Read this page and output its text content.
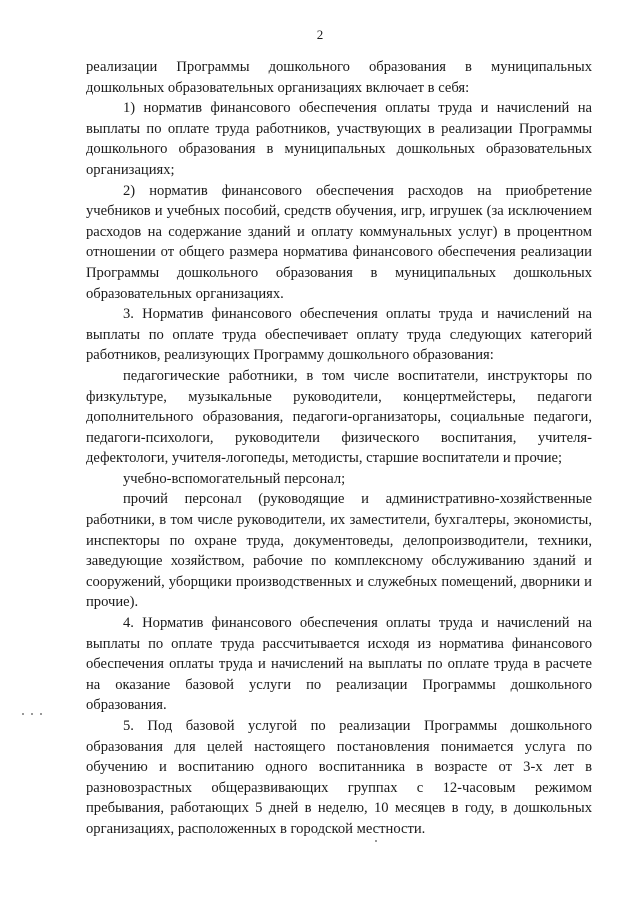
2

реализации Программы дошкольного образования в муниципальных дошкольных образовательных организациях включает в себя:

1) норматив финансового обеспечения оплаты труда и начислений на выплаты по оплате труда работников, участвующих в реализации Программы дошкольного образования в муниципальных дошкольных образовательных организациях;

2) норматив финансового обеспечения расходов на приобретение учебников и учебных пособий, средств обучения, игр, игрушек (за исключением расходов на содержание зданий и оплату коммунальных услуг) в процентном отношении от общего размера норматива финансового обеспечения реализации Программы дошкольного образования в муниципальных дошкольных образовательных организациях.

3. Норматив финансового обеспечения оплаты труда и начислений на выплаты по оплате труда обеспечивает оплату труда следующих категорий работников, реализующих Программу дошкольного образования:

педагогические работники, в том числе воспитатели, инструкторы по физкультуре, музыкальные руководители, концертмейстеры, педагоги дополнительного образования, педагоги-организаторы, социальные педагоги, педагоги-психологи, руководители физического воспитания, учителя-дефектологи, учителя-логопеды, методисты, старшие воспитатели и прочие;

учебно-вспомогательный персонал;

прочий персонал (руководящие и административно-хозяйственные работники, в том числе руководители, их заместители, бухгалтеры, экономисты, инспекторы по охране труда, документоведы, делопроизводители, техники, заведующие хозяйством, рабочие по комплексному обслуживанию зданий и сооружений, уборщики производственных и служебных помещений, дворники и прочие).

4. Норматив финансового обеспечения оплаты труда и начислений на выплаты по оплате труда рассчитывается исходя из норматива финансового обеспечения оплаты труда и начислений на выплаты по оплате труда в расчете на оказание базовой услуги по реализации Программы дошкольного образования.

5. Под базовой услугой по реализации Программы дошкольного образования для целей настоящего постановления понимается услуга по обучению и воспитанию одного воспитанника в возрасте от 3-х лет в разновозрастных общеразвивающих группах с 12-часовым режимом пребывания, работающих 5 дней в неделю, 10 месяцев в году, в дошкольных организациях, расположенных в городской местности.
